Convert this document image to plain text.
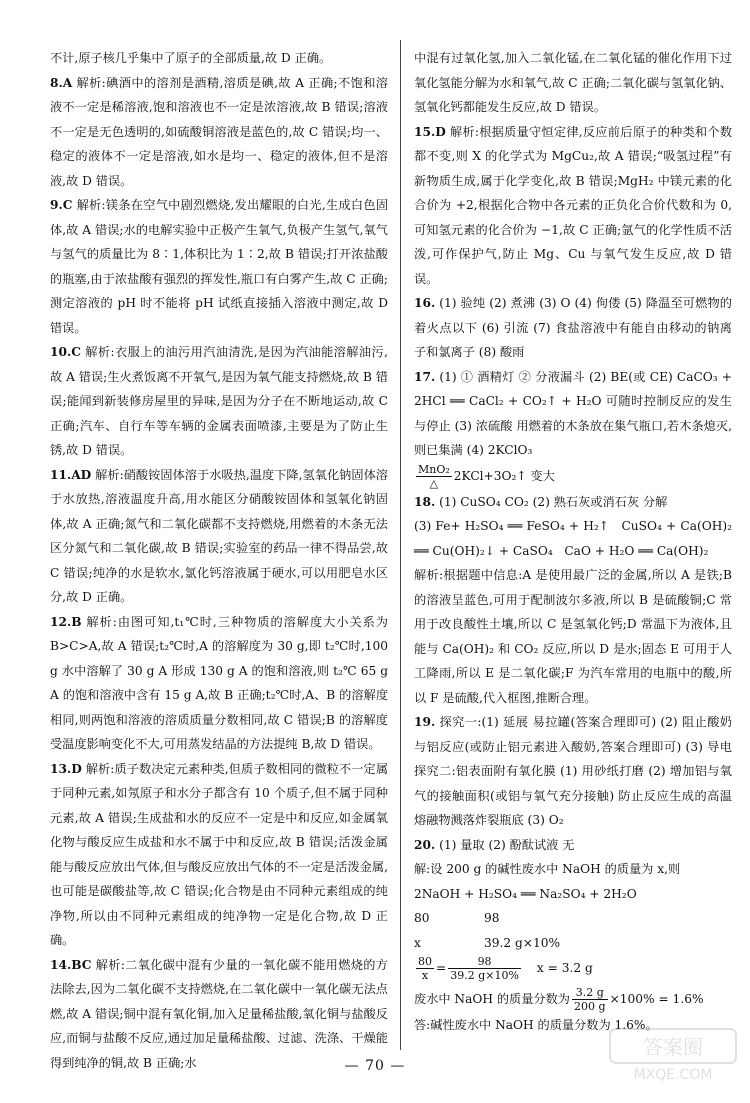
不计,原子核几乎集中了原子的全部质量,故 D 正确。

8.A 解析:碘酒中的溶剂是酒精,溶质是碘,故 A 正确;不饱和溶液不一定是稀溶液,饱和溶液也不一定是浓溶液,故 B 错误;溶液不一定是无色透明的,如硫酸铜溶液是蓝色的,故 C 错误;均一、稳定的液体不一定是溶液,如水是均一、稳定的液体,但不是溶液,故 D 错误。

9.C 解析:镁条在空气中剧烈燃烧,发出耀眼的白光,生成白色固体,故 A 错误;水的电解实验中正极产生氧气,负极产生氢气,氧气与氢气的质量比为 8∶1,体积比为 1∶2,故 B 错误;打开浓盐酸的瓶塞,由于浓盐酸有强烈的挥发性,瓶口有白雾产生,故 C 正确;测定溶液的 pH 时不能将 pH 试纸直接插入溶液中测定,故 D 错误。

10.C 解析:衣服上的油污用汽油清洗,是因为汽油能溶解油污,故 A 错误;生火煮饭离不开氧气,是因为氧气能支持燃烧,故 B 错误;能闻到新装修房屋里的异味,是因为分子在不断地运动,故 C 正确;汽车、自行车等车辆的金属表面喷漆,主要是为了防止生锈,故 D 错误。

11.AD 解析:硝酸铵固体溶于水吸热,温度下降,氢氧化钠固体溶于水放热,溶液温度升高,用水能区分硝酸铵固体和氢氧化钠固体,故 A 正确;氮气和二氧化碳都不支持燃烧,用燃着的木条无法区分氮气和二氧化碳,故 B 错误;实验室的药品一律不得品尝,故 C 错误;纯净的水是软水,氯化钙溶液属于硬水,可以用肥皂水区分,故 D 正确。

12.B 解析:由图可知,t₁℃时,三种物质的溶解度大小关系为 B>C>A,故 A 错误;t₂℃时,A 的溶解度为 30 g,即 t₂℃时,100 g 水中溶解了 30 g A 形成 130 g A 的饱和溶液,则 t₂℃ 65 g A 的饱和溶液中含有 15 g A,故 B 正确;t₂℃时,A、B 的溶解度相同,则两饱和溶液的溶质质量分数相同,故 C 错误;B 的溶解度受温度影响变化不大,可用蒸发结晶的方法提纯 B,故 D 错误。

13.D 解析:质子数决定元素种类,但质子数相同的微粒不一定属于同种元素,如氖原子和水分子都含有 10 个质子,但不属于同种元素,故 A 错误;生成盐和水的反应不一定是中和反应,如金属氧化物与酸反应生成盐和水不属于中和反应,故 B 错误;活泼金属能与酸反应放出气体,但与酸反应放出气体的不一定是活泼金属,也可能是碳酸盐等,故 C 错误;化合物是由不同种元素组成的纯净物,所以由不同种元素组成的纯净物一定是化合物,故 D 正确。

14.BC 解析:二氧化碳中混有少量的一氧化碳不能用燃烧的方法除去,因为二氧化碳不支持燃烧,在二氧化碳中一氧化碳无法点燃,故 A 错误;铜中混有氧化铜,加入足量稀盐酸,氧化铜与盐酸反应,而铜与盐酸不反应,通过加足量稀盐酸、过滤、洗涤、干燥能得到纯净的铜,故 B 正确;水

中混有过氧化氢,加入二氧化锰,在二氧化锰的催化作用下过氧化氢能分解为水和氧气,故 C 正确;二氧化碳与氢氧化钠、氢氧化钙都能发生反应,故 D 错误。

15.D 解析:根据质量守恒定律,反应前后原子的种类和个数都不变,则 X 的化学式为 MgCu₂,故 A 错误;“吸氢过程”有新物质生成,属于化学变化,故 B 错误;MgH₂ 中镁元素的化合价为 +2,根据化合物中各元素的正负化合价代数和为 0,可知氢元素的化合价为 −1,故 C 正确;氩气的化学性质不活泼,可作保护气,防止 Mg、Cu 与氧气发生反应,故 D 错误。

16. (1) 验纯 (2) 煮沸 (3) O (4) 佝偻 (5) 降温至可燃物的着火点以下 (6) 引流 (7) 食盐溶液中有能自由移动的钠离子和氯离子 (8) 酸雨

17. (1) ① 酒精灯 ② 分液漏斗 (2) BE(或 CE) CaCO₃ + 2HCl ══ CaCl₂ + CO₂↑ + H₂O 可随时控制反应的发生与停止 (3) 浓硫酸 用燃着的木条放在集气瓶口,若木条熄灭,则已集满 (4) 2KClO₃
$\frac{\text{MnO₂}}{\triangle}$ 2KCl+3O₂↑ 变大
18. (1) CuSO₄ CO₂ (2) 熟石灰或消石灰 分解
(3) Fe+ H₂SO₄ ══ FeSO₄ + H₂↑   CuSO₄ + Ca(OH)₂ ══ Cu(OH)₂↓ + CaSO₄   CaO + H₂O ══ Ca(OH)₂
解析:根据题中信息:A 是使用最广泛的金属,所以 A 是铁;B 的溶液呈蓝色,可用于配制波尔多液,所以 B 是硫酸铜;C 常用于改良酸性土壤,所以 C 是氢氧化钙;D 常温下为液体,且能与 Ca(OH)₂ 和 CO₂ 反应,所以 D 是水;固态 E 可用于人工降雨,所以 E 是二氧化碳;F 为汽车常用的电瓶中的酸,所以 F 是硫酸,代入框图,推断合理。

19. 探究一:(1) 延展 易拉罐(答案合理即可) (2) 阻止酸奶与铝反应(或防止铝元素进入酸奶,答案合理即可) (3) 导电 探究二:铝表面附有氧化膜 (1) 用砂纸打磨 (2) 增加铝与氧气的接触面积(或铝与氧气充分接触) 防止反应生成的高温熔融物溅落炸裂瓶底 (3) O₂

20. (1) 量取 (2) 酚酞试液 无
解:设 200 g 的碱性废水中 NaOH 的质量为 x,则
2NaOH + H₂SO₄ ══ Na₂SO₄ + 2H₂O
80	98
x	39.2 g×10%
$\frac{80}{x} = \frac{98}{39.2 g\times 10\%}$ x = 3.2 g
废水中 NaOH 的质量分数为 $\frac{3.2 g}{200 g} \times 100\% = 1.6\%$
答:碱性废水中 NaOH 的质量分数为 1.6%。
— 70 —
答案圈
MXQE.COM
